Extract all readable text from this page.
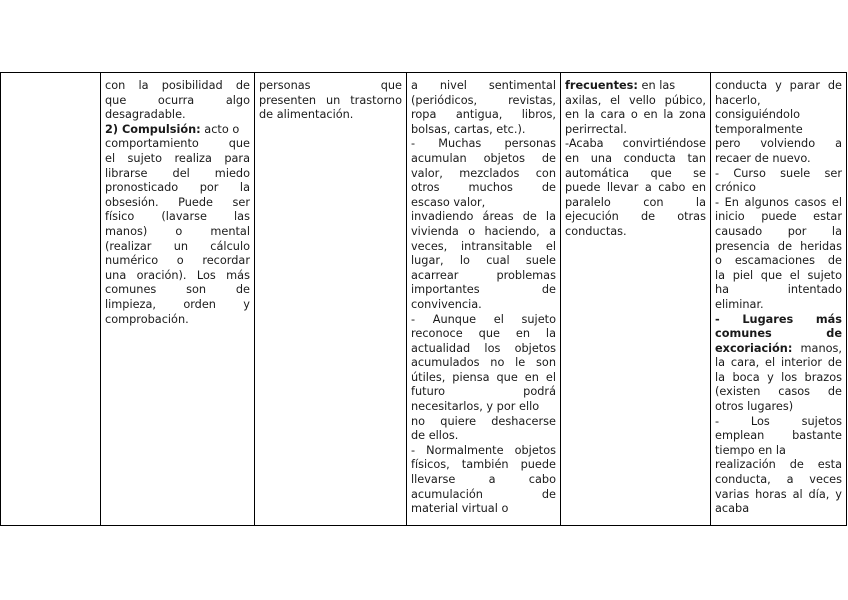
con la posibilidad de
que ocurra algo
desagradable.
2) Compulsión: acto o
comportamiento que
el sujeto realiza para
librarse del miedo
pronosticado por la
obsesión. Puede ser
físico (lavarse las
manos) o mental
(realizar un cálculo
numérico o recordar
una oración). Los más
comunes son de
limpieza, orden y
comprobación.

personas que
presenten un trastorno
de alimentación.

a nivel sentimental
(periódicos, revistas,
ropa antigua, libros,
bolsas, cartas, etc.).
- Muchas personas
acumulan objetos de
valor, mezclados con
otros muchos de
escaso valor,
invadiendo áreas de la
vivienda o haciendo, a
veces, intransitable el
lugar, lo cual suele
acarrear problemas
importantes de
convivencia.
- Aunque el sujeto
reconoce que en la
actualidad los objetos
acumulados no le son
útiles, piensa que en el
futuro podrá
necesitarlos, y por ello
no quiere deshacerse
de ellos.
- Normalmente objetos
físicos, también puede
llevarse a cabo
acumulación de
material virtual o

frecuentes: en las
axilas, el vello púbico,
en la cara o en la zona
perirrectal.
-Acaba convirtiéndose
en una conducta tan
automática que se
puede llevar a cabo en
paralelo con la
ejecución de otras
conductas.

conducta y parar de
hacerlo,
consiguiéndolo
temporalmente
pero volviendo a
recaer de nuevo.
- Curso suele ser
crónico
- En algunos casos el
inicio puede estar
causado por la
presencia de heridas
o escamaciones de
la piel que el sujeto
ha intentado
eliminar.
- Lugares más
comunes de
excoriación: manos,
la cara, el interior de
la boca y los brazos
(existen casos de
otros lugares)
- Los sujetos
emplean bastante
tiempo en la
realización de esta
conducta, a veces
varias horas al día, y
acaba
